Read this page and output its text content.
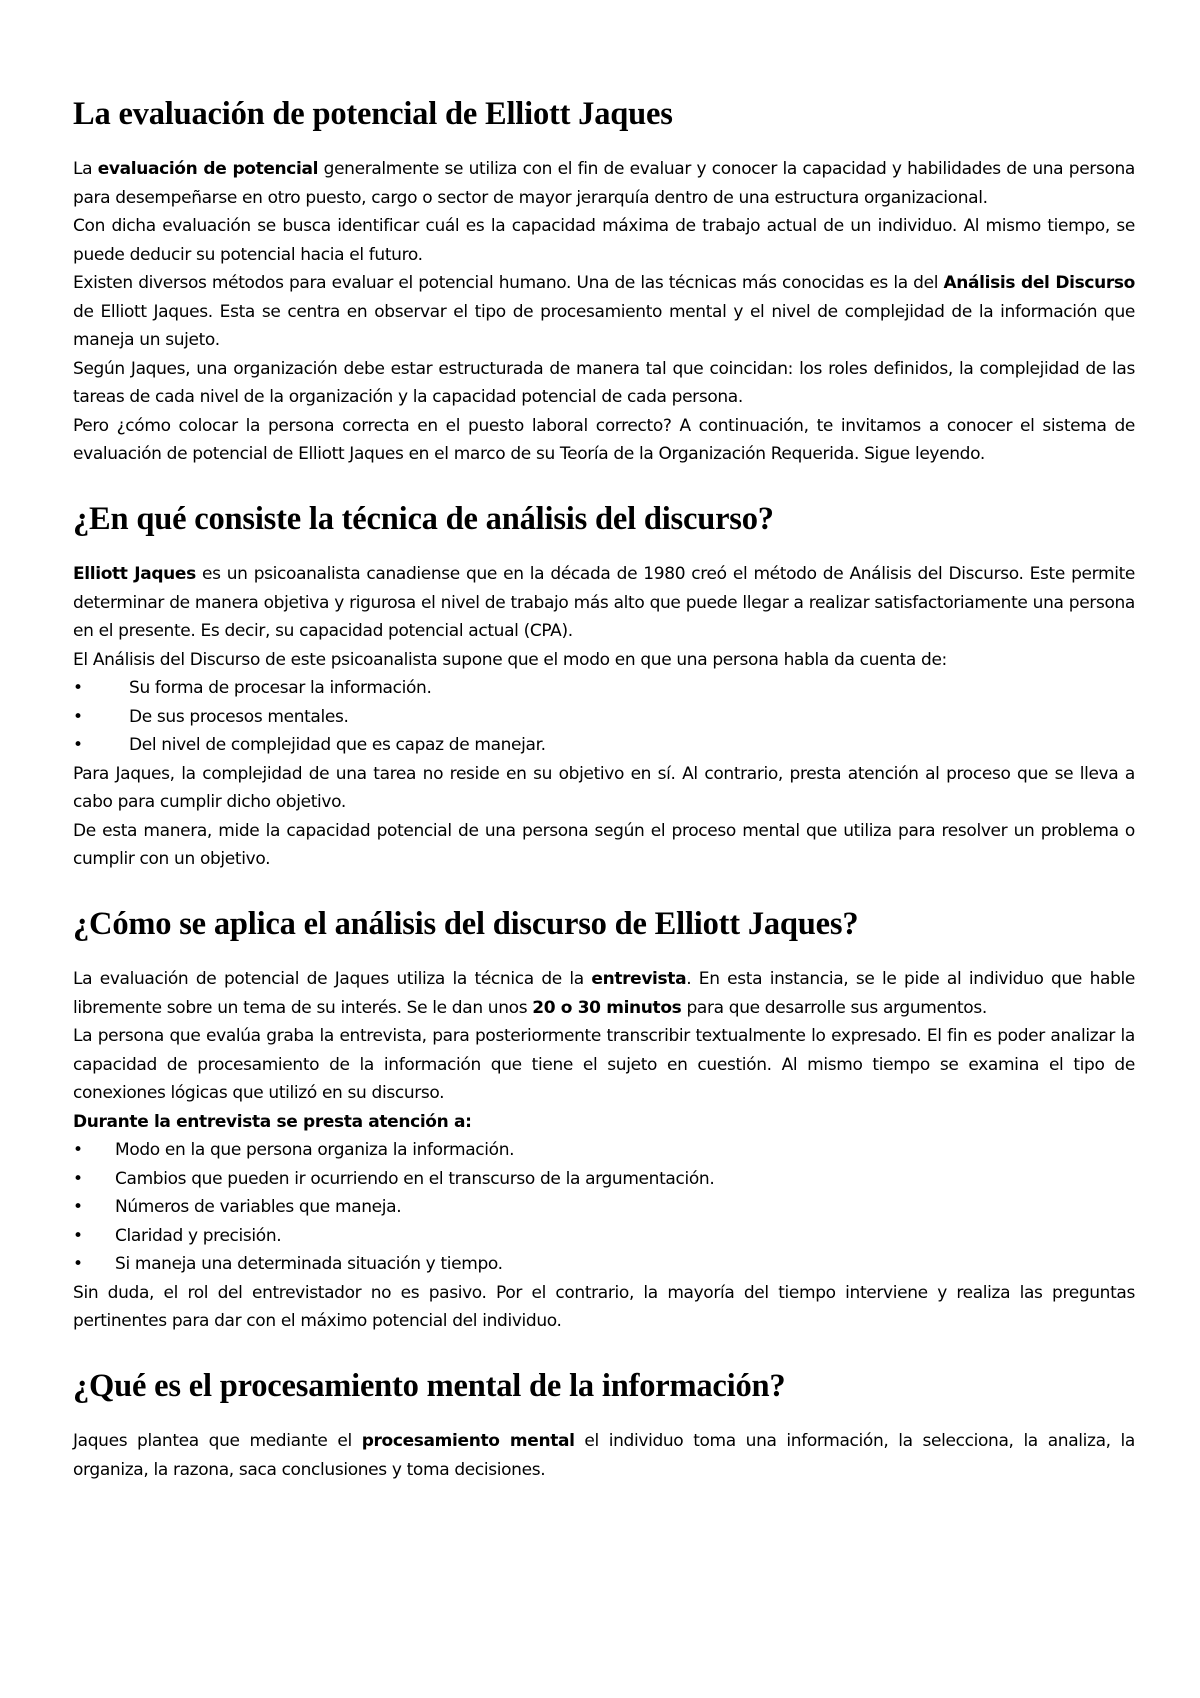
La evaluación de potencial de Elliott Jaques

La evaluación de potencial generalmente se utiliza con el fin de evaluar y conocer la capacidad y habilidades de una persona para desempeñarse en otro puesto, cargo o sector de mayor jerarquía dentro de una estructura organizacional.

Con dicha evaluación se busca identificar cuál es la capacidad máxima de trabajo actual de un individuo. Al mismo tiempo, se puede deducir su potencial hacia el futuro.

Existen diversos métodos para evaluar el potencial humano. Una de las técnicas más conocidas es la del Análisis del Discurso de Elliott Jaques. Esta se centra en observar el tipo de procesamiento mental y el nivel de complejidad de la información que maneja un sujeto.

Según Jaques, una organización debe estar estructurada de manera tal que coincidan: los roles definidos, la complejidad de las tareas de cada nivel de la organización y la capacidad potencial de cada persona.

Pero ¿cómo colocar la persona correcta en el puesto laboral correcto? A continuación, te invitamos a conocer el sistema de evaluación de potencial de Elliott Jaques en el marco de su Teoría de la Organización Requerida. Sigue leyendo.

¿En qué consiste la técnica de análisis del discurso?

Elliott Jaques es un psicoanalista canadiense que en la década de 1980 creó el método de Análisis del Discurso. Este permite determinar de manera objetiva y rigurosa el nivel de trabajo más alto que puede llegar a realizar satisfactoriamente una persona en el presente. Es decir, su capacidad potencial actual (CPA).

El Análisis del Discurso de este psicoanalista supone que el modo en que una persona habla da cuenta de:

•	Su forma de procesar la información.
•	De sus procesos mentales.
•	Del nivel de complejidad que es capaz de manejar.

Para Jaques, la complejidad de una tarea no reside en su objetivo en sí. Al contrario, presta atención al proceso que se lleva a cabo para cumplir dicho objetivo.

De esta manera, mide la capacidad potencial de una persona según el proceso mental que utiliza para resolver un problema o cumplir con un objetivo.

¿Cómo se aplica el análisis del discurso de Elliott Jaques?

La evaluación de potencial de Jaques utiliza la técnica de la entrevista. En esta instancia, se le pide al individuo que hable libremente sobre un tema de su interés. Se le dan unos 20 o 30 minutos para que desarrolle sus argumentos.

La persona que evalúa graba la entrevista, para posteriormente transcribir textualmente lo expresado. El fin es poder analizar la capacidad de procesamiento de la información que tiene el sujeto en cuestión. Al mismo tiempo se examina el tipo de conexiones lógicas que utilizó en su discurso.

Durante la entrevista se presta atención a:

• Modo en la que persona organiza la información.
• Cambios que pueden ir ocurriendo en el transcurso de la argumentación.
• Números de variables que maneja.
• Claridad y precisión.
• Si maneja una determinada situación y tiempo.

Sin duda, el rol del entrevistador no es pasivo. Por el contrario, la mayoría del tiempo interviene y realiza las preguntas pertinentes para dar con el máximo potencial del individuo.

¿Qué es el procesamiento mental de la información?

Jaques plantea que mediante el procesamiento mental el individuo toma una información, la selecciona, la analiza, la organiza, la razona, saca conclusiones y toma decisiones.
